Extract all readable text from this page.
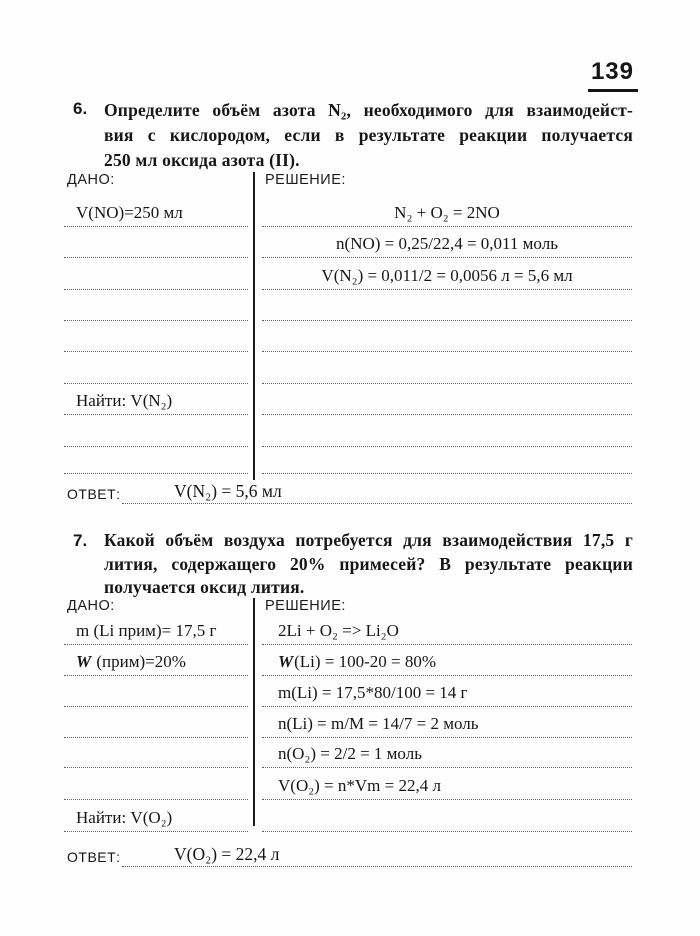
139
6. Определите объём азота N₂, необходимого для взаимодейст-
вия с кислородом, если в результате реакции получается
250 мл оксида азота (II).
ДАНО:
V(NO)=250 мл
Найти: V(N₂)
РЕШЕНИЕ:
N₂ + O₂ = 2NO
n(NO) = 0,25/22,4 = 0,011 моль
V(N₂) = 0,011/2 = 0,0056 л = 5,6 мл
ОТВЕТ:	V(N₂) = 5,6 мл
7. Какой объём воздуха потребуется для взаимодействия 17,5 г
лития, содержащего 20% примесей? В результате реакции
получается оксид лития.
ДАНО:
m (Li прим)= 17,5 г
W (прим)=20%
Найти: V(O₂)
РЕШЕНИЕ:
2Li + O₂ => Li₂O
W(Li) = 100-20 = 80%
m(Li) = 17,5*80/100 = 14 г
n(Li) = m/M = 14/7 = 2 моль
n(O₂) = 2/2 = 1 моль
V(O₂) = n*Vm = 22,4 л
ОТВЕТ:	V(O₂) = 22,4 л
